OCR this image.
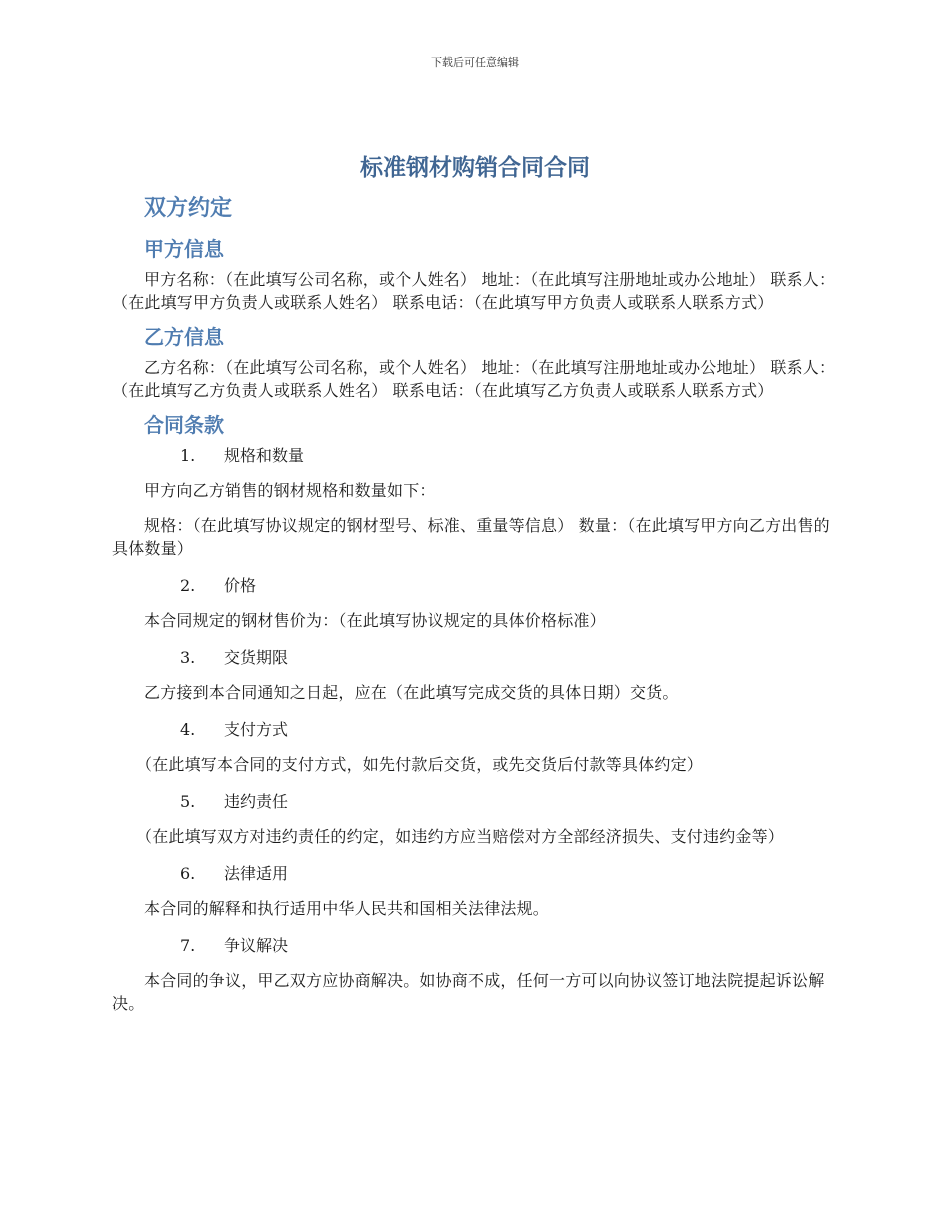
下载后可任意编辑
标准钢材购销合同合同
双方约定
甲方信息

甲方名称：（在此填写公司名称，或个人姓名） 地址：（在此填写注册地址或办公地址） 联系人：（在此填写甲方负责人或联系人姓名） 联系电话：（在此填写甲方负责人或联系人联系方式）

乙方信息

乙方名称：（在此填写公司名称，或个人姓名） 地址：（在此填写注册地址或办公地址） 联系人：（在此填写乙方负责人或联系人姓名） 联系电话：（在此填写乙方负责人或联系人联系方式）

合同条款
1. 规格和数量

甲方向乙方销售的钢材规格和数量如下：

规格：（在此填写协议规定的钢材型号、标准、重量等信息） 数量：（在此填写甲方向乙方出售的具体数量）

2. 价格

本合同规定的钢材售价为：（在此填写协议规定的具体价格标准）

3. 交货期限

乙方接到本合同通知之日起，应在（在此填写完成交货的具体日期）交货。

4. 支付方式

（在此填写本合同的支付方式，如先付款后交货，或先交货后付款等具体约定）

5. 违约责任

（在此填写双方对违约责任的约定，如违约方应当赔偿对方全部经济损失、支付违约金等）

6. 法律适用

本合同的解释和执行适用中华人民共和国相关法律法规。

7. 争议解决

本合同的争议，甲乙双方应协商解决。如协商不成，任何一方可以向协议签订地法院提起诉讼解决。
